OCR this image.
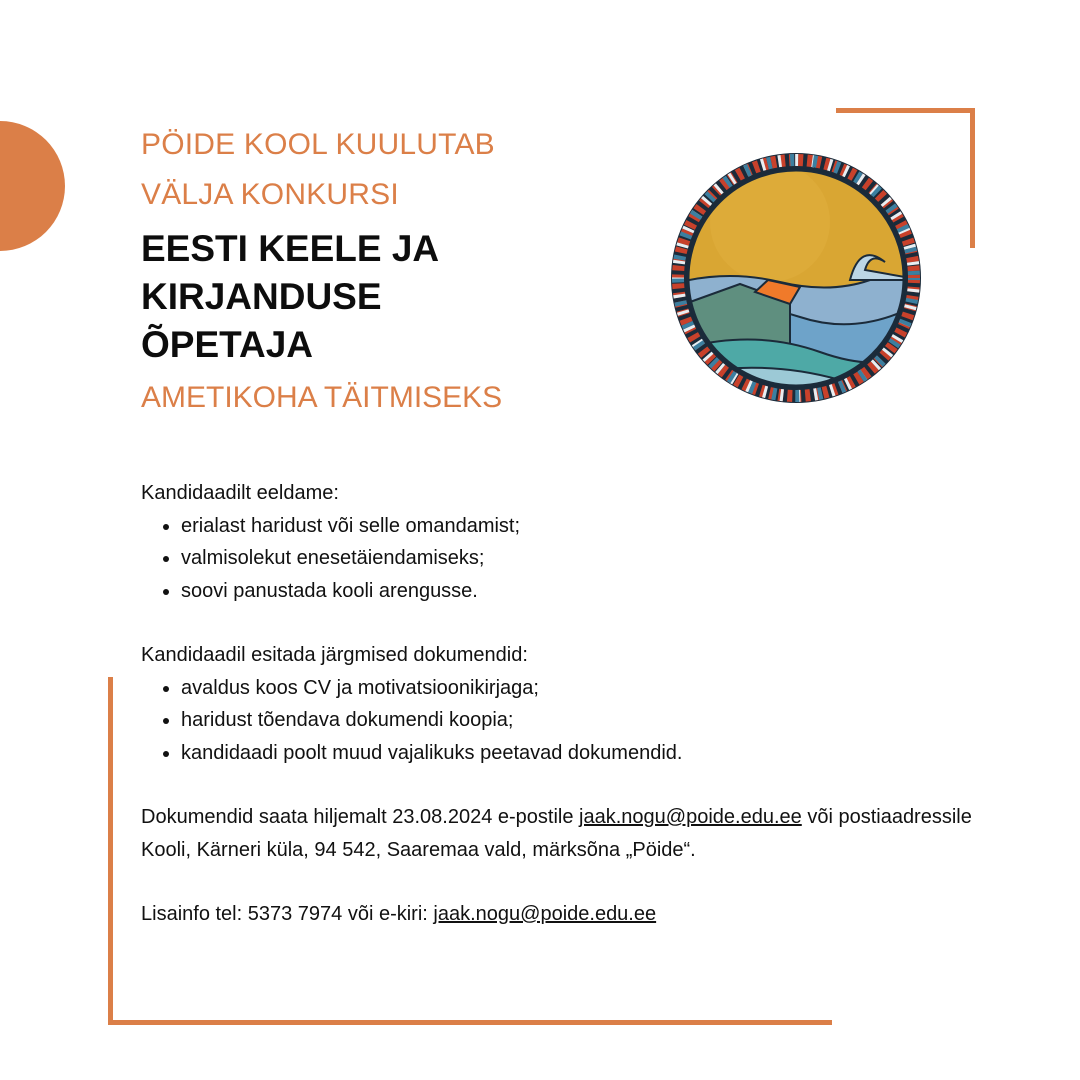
PÖIDE KOOL KUULUTAB
VÄLJA KONKURSI
EESTI KEELE JA
KIRJANDUSE
ÕPETAJA
AMETIKOHA TÄITMISEKS

Kandidaadilt eeldame:

• erialast haridust või selle omandamist;
• valmisolekut enesetäiendamiseks;
• soovi panustada kooli arengusse.

Kandidaadil esitada järgmised dokumendid:

• avaldus koos CV ja motivatsioonikirjaga;
• haridust tõendava dokumendi koopia;
• kandidaadi poolt muud vajalikuks peetavad dokumendid.

Dokumendid saata hiljemalt 23.08.2024 e-postile jaak.nogu@poide.edu.ee või postiaadressile Kooli, Kärneri küla, 94 542, Saaremaa vald, märksõna „Pöide“.

Lisainfo tel: 5373 7974 või e-kiri: jaak.nogu@poide.edu.ee
